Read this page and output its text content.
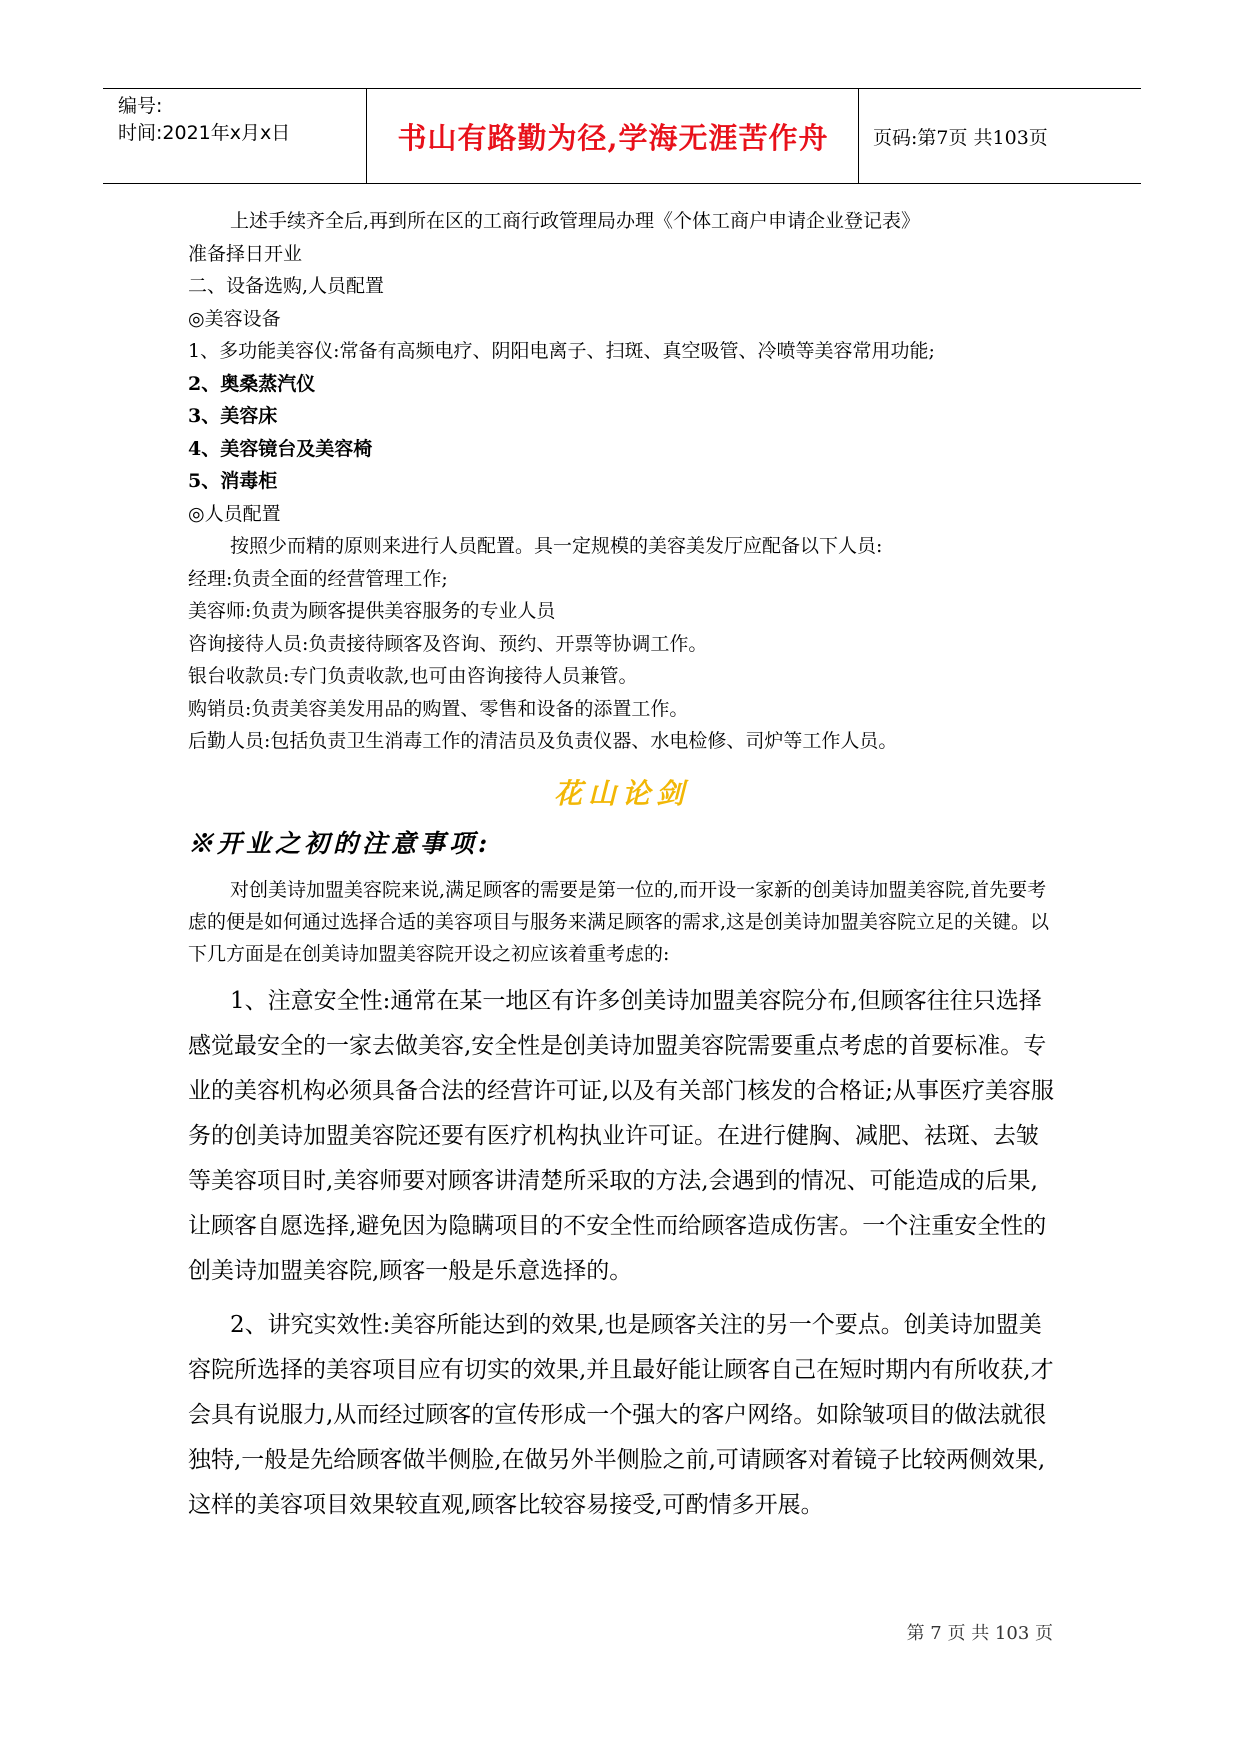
编号:
时间:2021年x月x日	书山有路勤为径,学海无涯苦作舟	页码:第7页 共103页

上述手续齐全后,再到所在区的工商行政管理局办理《个体工商户申请企业登记表》

准备择日开业

二、设备选购,人员配置

◎美容设备

1、多功能美容仪:常备有高频电疗、阴阳电离子、扫斑、真空吸管、冷喷等美容常用功能;

2、奥桑蒸汽仪

3、美容床

4、美容镜台及美容椅

5、消毒柜

◎人员配置

按照少而精的原则来进行人员配置。具一定规模的美容美发厅应配备以下人员:

经理:负责全面的经营管理工作;

美容师:负责为顾客提供美容服务的专业人员

咨询接待人员:负责接待顾客及咨询、预约、开票等协调工作。

银台收款员:专门负责收款,也可由咨询接待人员兼管。

购销员:负责美容美发用品的购置、零售和设备的添置工作。

后勤人员:包括负责卫生消毒工作的清洁员及负责仪器、水电检修、司炉等工作人员。

花山论剑
※开业之初的注意事项:

对创美诗加盟美容院来说,满足顾客的需要是第一位的,而开设一家新的创美诗加盟美容院,首先要考虑的便是如何通过选择合适的美容项目与服务来满足顾客的需求,这是创美诗加盟美容院立足的关键。以下几方面是在创美诗加盟美容院开设之初应该着重考虑的:

1、注意安全性:通常在某一地区有许多创美诗加盟美容院分布,但顾客往往只选择感觉最安全的一家去做美容,安全性是创美诗加盟美容院需要重点考虑的首要标准。专业的美容机构必须具备合法的经营许可证,以及有关部门核发的合格证;从事医疗美容服务的创美诗加盟美容院还要有医疗机构执业许可证。在进行健胸、减肥、祛斑、去皱等美容项目时,美容师要对顾客讲清楚所采取的方法,会遇到的情况、可能造成的后果,让顾客自愿选择,避免因为隐瞒项目的不安全性而给顾客造成伤害。一个注重安全性的创美诗加盟美容院,顾客一般是乐意选择的。

2、讲究实效性:美容所能达到的效果,也是顾客关注的另一个要点。创美诗加盟美容院所选择的美容项目应有切实的效果,并且最好能让顾客自己在短时期内有所收获,才会具有说服力,从而经过顾客的宣传形成一个强大的客户网络。如除皱项目的做法就很独特,一般是先给顾客做半侧脸,在做另外半侧脸之前,可请顾客对着镜子比较两侧效果,这样的美容项目效果较直观,顾客比较容易接受,可酌情多开展。

第 7 页 共 103 页
